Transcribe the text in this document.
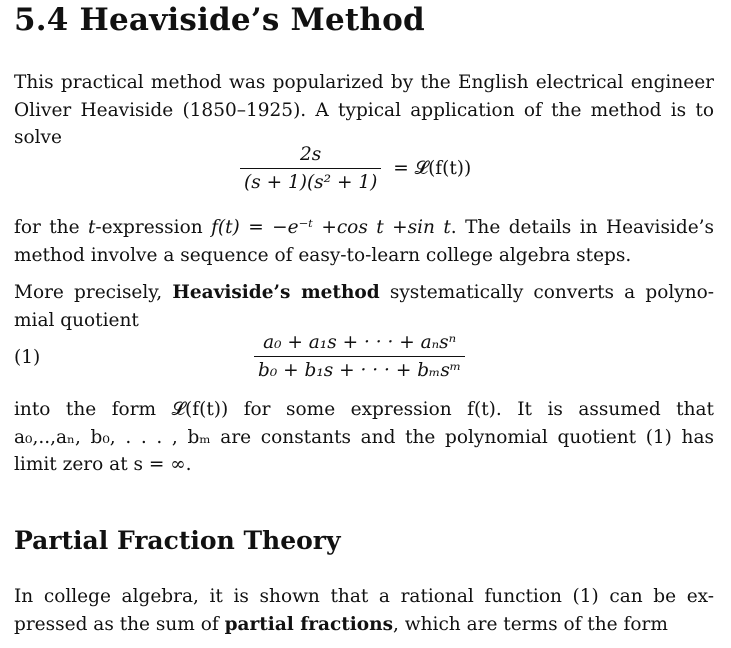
5.4 Heaviside’s Method
This practical method was popularized by the English electrical engineer
Oliver Heaviside (1850–1925). A typical application of the method is to
solve
$\frac{2s}{\text{(s + 1)(s² + 1)}}$ = 𝓛(f(t))
for the t-expression f(t) = −e⁻ᵗ +cos t +sin t. The details in Heaviside’s
method involve a sequence of easy-to-learn college algebra steps.
More precisely, Heaviside’s method systematically converts a polyno-
mial quotient
(1)	$\frac{\text{a₀ + a₁s + · · · + aₙsⁿ}}{\text{b₀ + b₁s + · · · + bₘsᵐ}}$
into the form 𝓛(f(t)) for some expression f(t). It is assumed that
a₀,..,aₙ, b₀, . . . , bₘ are constants and the polynomial quotient (1) has
limit zero at s = ∞.
Partial Fraction Theory
In college algebra, it is shown that a rational function (1) can be ex-
pressed as the sum of partial fractions, which are terms of the form
